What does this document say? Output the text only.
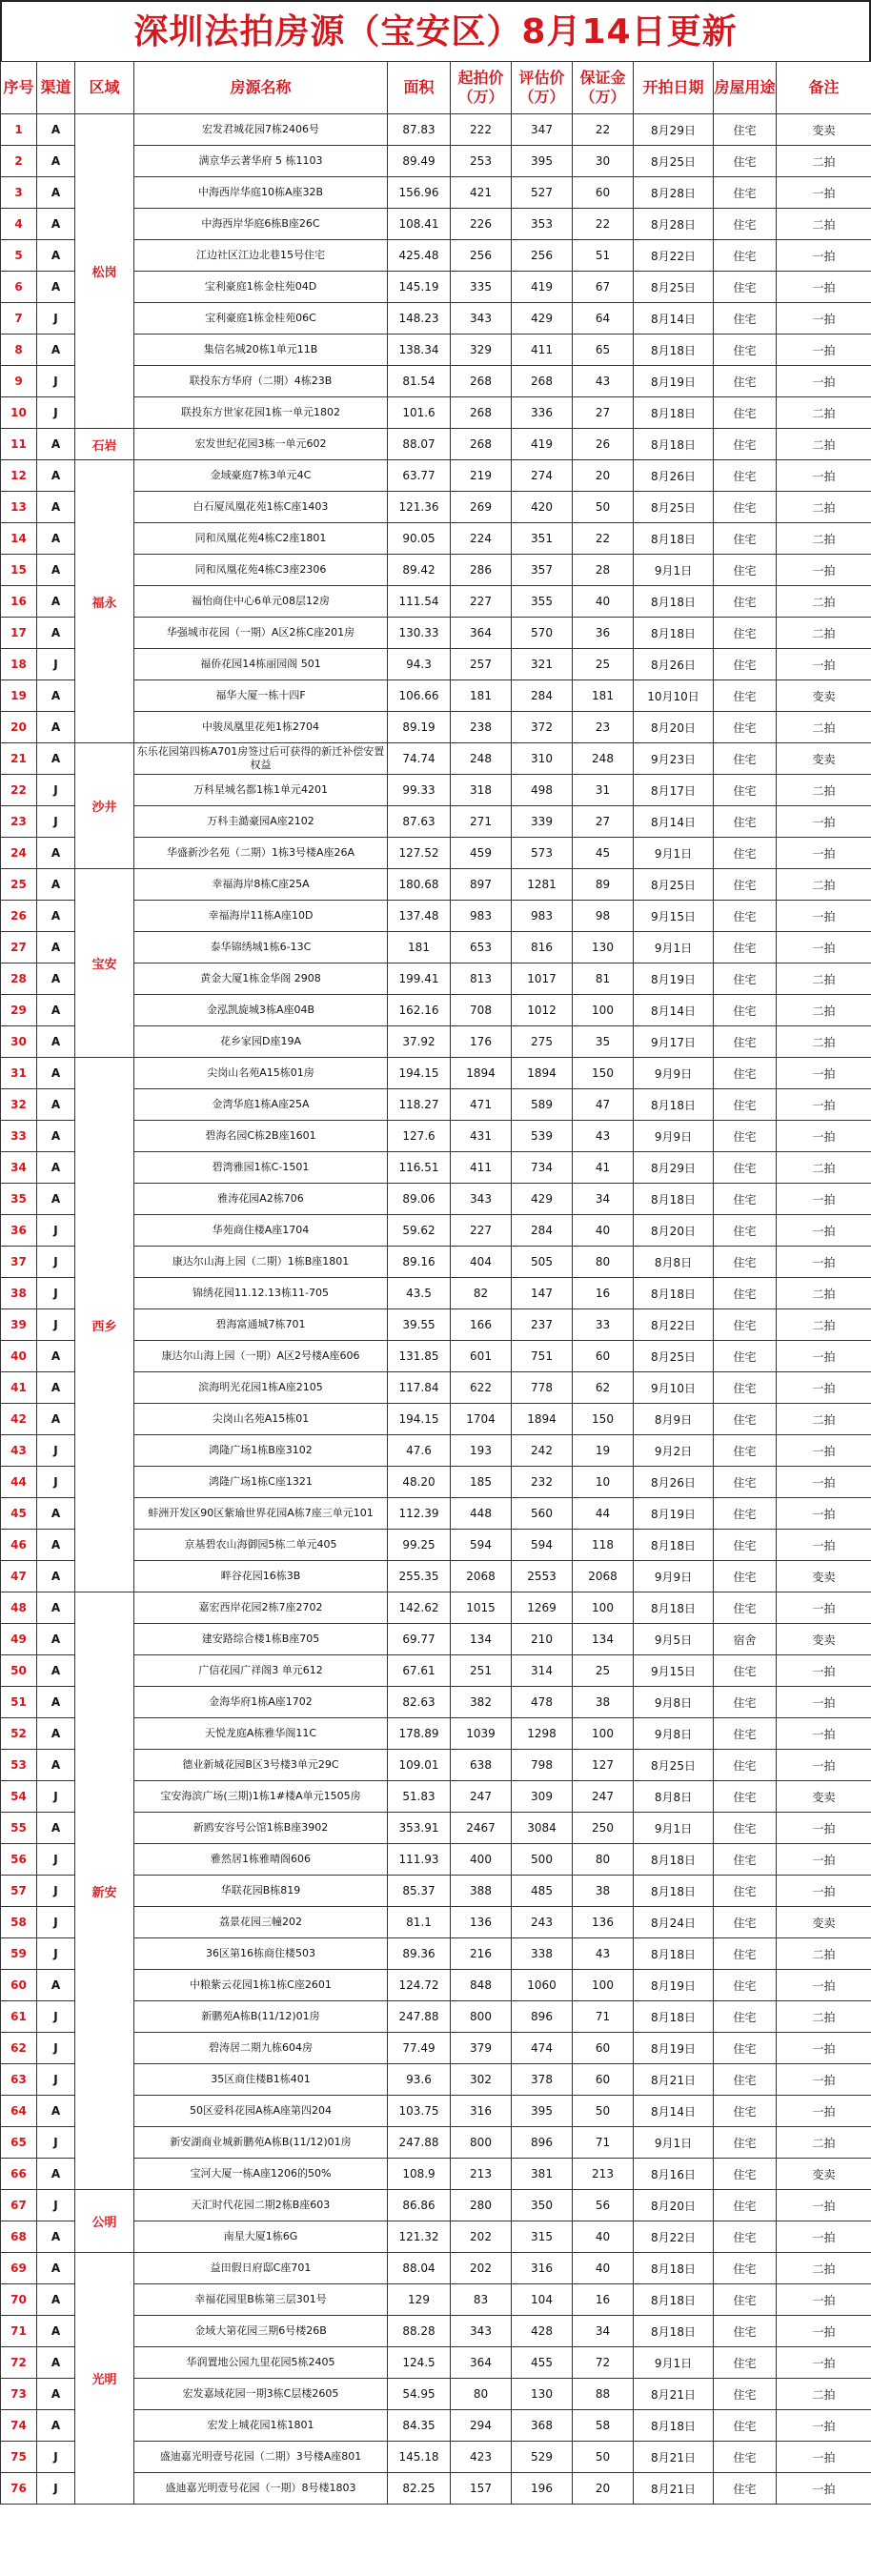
深圳法拍房源（宝安区）8月14日更新
序号	渠道	区域	房源名称	面积	起拍价（万）	评估价（万）	保证金（万）	开拍日期	房屋用途	备注
1	A	松岗	宏发君城花园7栋2406号	87.83	222	347	22	8月29日	住宅	变卖
2	A		满京华云著华府 5 栋1103	89.49	253	395	30	8月25日	住宅	二拍
3	A		中海西岸华庭10栋A座32B	156.96	421	527	60	8月28日	住宅	一拍
4	A		中海西岸华庭6栋B座26C	108.41	226	353	22	8月28日	住宅	二拍
5	A		江边社区江边北巷15号住宅	425.48	256	256	51	8月22日	住宅	一拍
6	A		宝利豪庭1栋金柱苑04D	145.19	335	419	67	8月25日	住宅	一拍
7	J		宝利豪庭1栋金桂苑06C	148.23	343	429	64	8月14日	住宅	一拍
8	A		集信名城20栋1单元11B	138.34	329	411	65	8月18日	住宅	一拍
9	J		联投东方华府（二期）4栋23B	81.54	268	268	43	8月19日	住宅	一拍
10	J		联投东方世家花园1栋一单元1802	101.6	268	336	27	8月18日	住宅	二拍
11	A	石岩	宏发世纪花园3栋一单元602	88.07	268	419	26	8月18日	住宅	二拍
12	A	福永	金域豪庭7栋3单元4C	63.77	219	274	20	8月26日	住宅	一拍
13	A		白石厦凤凰花苑1栋C座1403	121.36	269	420	50	8月25日	住宅	二拍
14	A		同和凤凰花苑4栋C2座1801	90.05	224	351	22	8月18日	住宅	二拍
15	A		同和凤凰花苑4栋C3座2306	89.42	286	357	28	9月1日	住宅	一拍
16	A		福怡商住中心6单元08层12房	111.54	227	355	40	8月18日	住宅	二拍
17	A		华强城市花园（一期）A区2栋C座201房	130.33	364	570	36	8月18日	住宅	二拍
18	J		福侨花园14栋丽园阁 501	94.3	257	321	25	8月26日	住宅	一拍
19	A		福华大厦一栋十四F	106.66	181	284	181	10月10日	住宅	变卖
20	A		中骏凤凰里花苑1栋2704	89.19	238	372	23	8月20日	住宅	二拍
21	A	沙井	东乐花园第四栋A701房签过后可获得的新迁补偿安置权益	74.74	248	310	248	9月23日	住宅	变卖
22	J		万科星城名都1栋1单元4201	99.33	318	498	31	8月17日	住宅	二拍
23	J		万科圭澔豪园A座2102	87.63	271	339	27	8月14日	住宅	一拍
24	A		华盛新沙名苑（二期）1栋3号楼A座26A	127.52	459	573	45	9月1日	住宅	一拍
25	A	宝安	幸福海岸8栋C座25A	180.68	897	1281	89	8月25日	住宅	二拍
26	A		幸福海岸11栋A座10D	137.48	983	983	98	9月15日	住宅	一拍
27	A		泰华锦绣城1栋6-13C	181	653	816	130	9月1日	住宅	一拍
28	A		黄金大厦1栋金华阁 2908	199.41	813	1017	81	8月19日	住宅	二拍
29	A		金泓凯旋城3栋A座04B	162.16	708	1012	100	8月14日	住宅	二拍
30	A		花乡家园D座19A	37.92	176	275	35	9月17日	住宅	二拍
31	A	西乡	尖岗山名苑A15栋01房	194.15	1894	1894	150	9月9日	住宅	一拍
32	A		金湾华庭1栋A座25A	118.27	471	589	47	8月18日	住宅	一拍
33	A		碧海名园C栋2B座1601	127.6	431	539	43	9月9日	住宅	一拍
34	A		碧湾雅园1栋C-1501	116.51	411	734	41	8月29日	住宅	二拍
35	A		雅涛花园A2栋706	89.06	343	429	34	8月18日	住宅	一拍
36	J		华苑商住楼A座1704	59.62	227	284	40	8月20日	住宅	一拍
37	J		康达尔山海上园（二期）1栋B座1801	89.16	404	505	80	8月8日	住宅	一拍
38	J		锦绣花园11.12.13栋11-705	43.5	82	147	16	8月18日	住宅	二拍
39	J		碧海富通城7栋701	39.55	166	237	33	8月22日	住宅	二拍
40	A		康达尔山海上园（一期）A区2号楼A座606	131.85	601	751	60	8月25日	住宅	一拍
41	A		滨海明光花园1栋A座2105	117.84	622	778	62	9月10日	住宅	一拍
42	A		尖岗山名苑A15栋01	194.15	1704	1894	150	8月9日	住宅	二拍
43	J		鸿隆广场1栋B座3102	47.6	193	242	19	9月2日	住宅	一拍
44	J		鸿隆广场1栋C座1321	48.20	185	232	10	8月26日	住宅	一拍
45	A		蚌洲开发区90区紫瑜世界花园A栋7座三单元101	112.39	448	560	44	8月19日	住宅	一拍
46	A		京基碧农山海御园5栋二单元405	99.25	594	594	118	8月18日	住宅	一拍
47	A		畔谷花园16栋3B	255.35	2068	2553	2068	9月9日	住宅	变卖
48	A	新安	嘉宏西岸花园2栋7座2702	142.62	1015	1269	100	8月18日	住宅	一拍
49	A		建安路综合楼1栋B座705	69.77	134	210	134	9月5日	宿舍	变卖
50	A		广信花园广祥阁3 单元612	67.61	251	314	25	9月15日	住宅	一拍
51	A		金海华府1栋A座1702	82.63	382	478	38	9月8日	住宅	一拍
52	A		天悦龙庭A栋雅华阁11C	178.89	1039	1298	100	9月8日	住宅	一拍
53	A		德业新城花园B区3号楼3单元29C	109.01	638	798	127	8月25日	住宅	一拍
54	J		宝安海滨广场(三期)1栋1#楼A单元1505房	51.83	247	309	247	8月8日	住宅	变卖
55	A		新鸥安容号公馆1栋B座3902	353.91	2467	3084	250	9月1日	住宅	一拍
56	J		雅然居1栋雅晴阁606	111.93	400	500	80	8月18日	住宅	一拍
57	J		华联花园B栋819	85.37	388	485	38	8月18日	住宅	一拍
58	J		荔景花园三幢202	81.1	136	243	136	8月24日	住宅	变卖
59	J		36区第16栋商住楼503	89.36	216	338	43	8月18日	住宅	二拍
60	A		中粮紫云花园1栋1栋C座2601	124.72	848	1060	100	8月19日	住宅	一拍
61	J		新鹏苑A栋B(11/12)01房	247.88	800	896	71	8月18日	住宅	二拍
62	J		碧涛居二期九栋604房	77.49	379	474	60	8月19日	住宅	一拍
63	J		35区商住楼B1栋401	93.6	302	378	60	8月21日	住宅	一拍
64	A		50区爱科花园A栋A座第四204	103.75	316	395	50	8月14日	住宅	一拍
65	J		新安湖商业城新鹏苑A栋B(11/12)01房	247.88	800	896	71	9月1日	住宅	二拍
66	A		宝河大厦一栋A座1206的50%	108.9	213	381	213	8月16日	住宅	变卖
67	J	公明	天汇时代花园二期2栋B座603	86.86	280	350	56	8月20日	住宅	一拍
68	A		南星大厦1栋6G	121.32	202	315	40	8月22日	住宅	一拍
69	A	光明	益田假日府邸C座701	88.04	202	316	40	8月18日	住宅	二拍
70	A		幸福花园里B栋第三层301号	129	83	104	16	8月18日	住宅	一拍
71	A		金域大第花园三期6号楼26B	88.28	343	428	34	8月18日	住宅	一拍
72	A		华润置地公园九里花园5栋2405	124.5	364	455	72	9月1日	住宅	一拍
73	A		宏发嘉域花园一期3栋C层楼2605	54.95	80	130	88	8月21日	住宅	二拍
74	A		宏发上城花园1栋1801	84.35	294	368	58	8月18日	住宅	一拍
75	J		盛迪嘉光明壹号花园（二期）3号楼A座801	145.18	423	529	50	8月21日	住宅	一拍
76	J		盛迪嘉光明壹号花园（一期）8号楼1803	82.25	157	196	20	8月21日	住宅	一拍
